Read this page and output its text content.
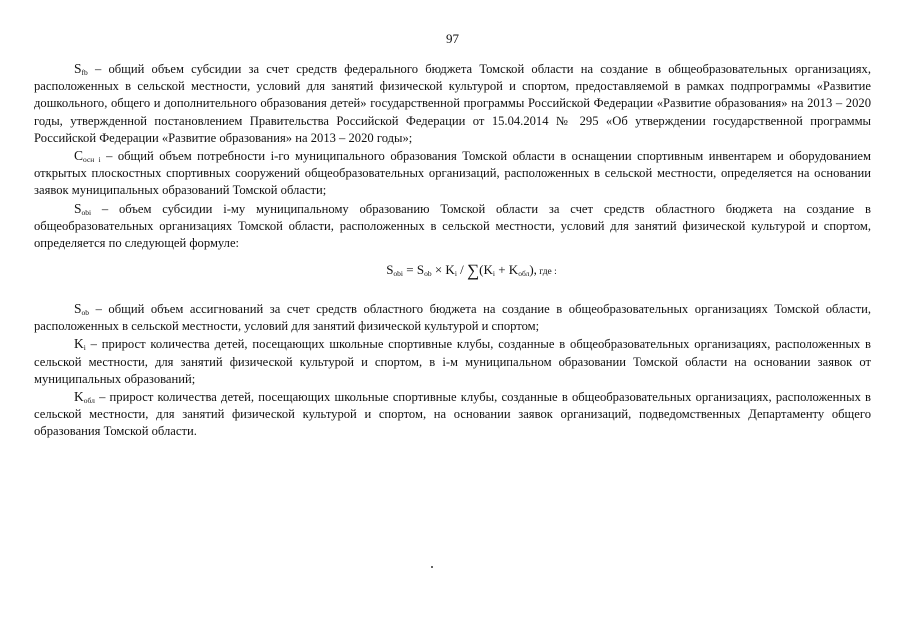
97

$S_{fb}$ – общий объем субсидии за счет средств федерального бюджета Томской области на создание в общеобразовательных организациях, расположенных в сельской местности, условий для занятий физической культурой и спортом, предоставляемой в рамках подпрограммы «Развитие дошкольного, общего и дополнительного образования детей» государственной программы Российской Федерации «Развитие образования» на 2013 – 2020 годы, утвержденной постановлением Правительства Российской Федерации от 15.04.2014 № 295 «Об утверждении государственной программы Российской Федерации «Развитие образования» на 2013 – 2020 годы»;

$C_{осн i}$ – общий объем потребности i-го муниципального образования Томской области в оснащении спортивным инвентарем и оборудованием открытых плоскостных спортивных сооружений общеобразовательных организаций, расположенных в сельской местности, определяется на основании заявок муниципальных образований Томской области;

$S_{obi}$ – объем субсидии i-му муниципальному образованию Томской области за счет средств областного бюджета на создание в общеобразовательных организациях Томской области, расположенных в сельской местности, условий для занятий физической культурой и спортом, определяется по следующей формуле:

$S_{obi} = S_{ob} \times K_i / \sum(K_i + K_{обл})$, где :

$S_{ob}$ – общий объем ассигнований за счет средств областного бюджета на создание в общеобразовательных организациях Томской области, расположенных в сельской местности, условий для занятий физической культурой и спортом;

$K_i$ – прирост количества детей, посещающих школьные спортивные клубы, созданные в общеобразовательных организациях, расположенных в сельской местности, для занятий физической культурой и спортом, в i-м муниципальном образовании Томской области на основании заявок от муниципальных образований;

$K_{обл}$ – прирост количества детей, посещающих школьные спортивные клубы, созданные в общеобразовательных организациях, расположенных в сельской местности, для занятий физической культурой и спортом, на основании заявок организаций, подведомственных Департаменту общего образования Томской области.
